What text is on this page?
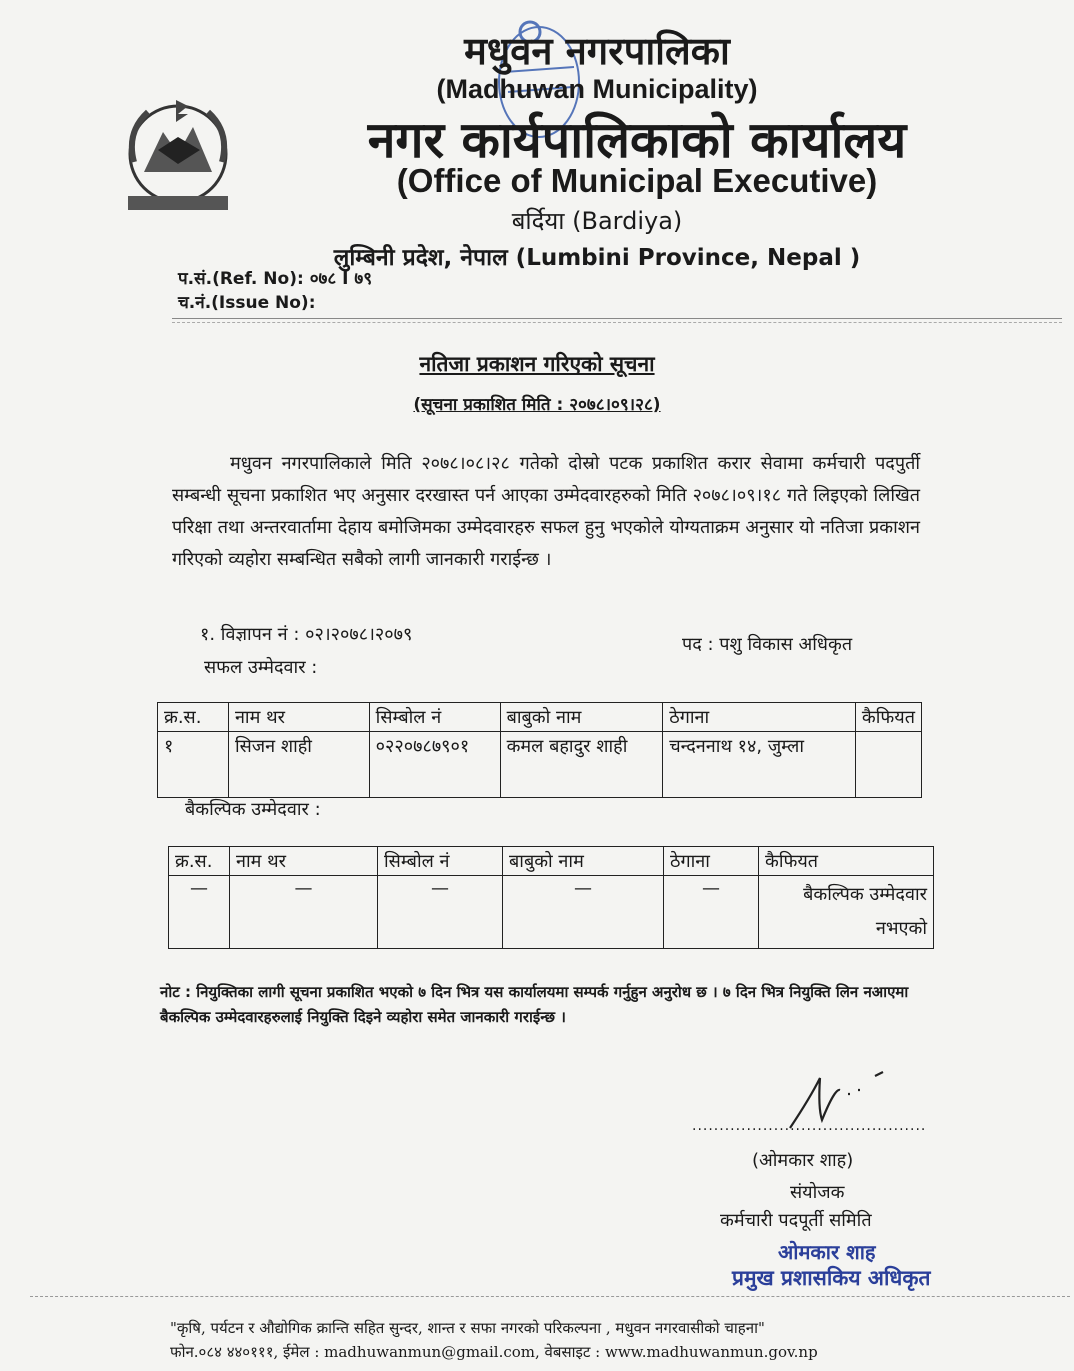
मधुवन नगरपालिका
(Madhuwan Municipality)
नगर कार्यपालिकाको कार्यालय
(Office of Municipal Executive)
बर्दिया (Bardiya)
लुम्बिनी प्रदेश, नेपाल (Lumbini Province, Nepal )
प.सं.(Ref. No): ०७८ I ७९
च.नं.(Issue No):
नतिजा प्रकाशन गरिएको सूचना
(सूचना प्रकाशित मिति : २०७८।०९।२८)
मधुवन नगरपालिकाले मिति २०७८।०८।२८ गतेको दोस्रो पटक प्रकाशित करार सेवामा कर्मचारी पदपुर्ती सम्बन्धी सूचना प्रकाशित भए अनुसार दरखास्त पर्न आएका उम्मेदवारहरुको मिति २०७८।०९।१८ गते लिइएको लिखित परिक्षा तथा अन्तरवार्तामा देहाय बमोजिमका उम्मेदवारहरु सफल हुनु भएकोले योग्यताक्रम अनुसार यो नतिजा प्रकाशन गरिएको व्यहोरा सम्बन्धित सबैको लागी जानकारी गराईन्छ ।
१. विज्ञापन नं : ०२।२०७८।२०७९	पद : पशु विकास अधिकृत
सफल उम्मेदवार :
क्र.स.	नाम थर	सिम्बोल नं	बाबुको नाम	ठेगाना	कैफियत
१	सिजन शाही	०२२०७८७९०१	कमल बहादुर शाही	चन्दननाथ १४, जुम्ला	
बैकल्पिक उम्मेदवार :
क्र.स.	नाम थर	सिम्बोल नं	बाबुको नाम	ठेगाना	कैफियत
—	—	—	—	—	बैकल्पिक उम्मेदवार नभएको
नोट : नियुक्तिका लागी सूचना प्रकाशित भएको ७ दिन भित्र यस कार्यालयमा सम्पर्क गर्नुहुन अनुरोध छ । ७ दिन भित्र नियुक्ति लिन नआएमा बैकल्पिक उम्मेदवारहरुलाई नियुक्ति दिइने व्यहोरा समेत जानकारी गराईन्छ ।
...........................................
(ओमकार शाह)
संयोजक
कर्मचारी पदपूर्ती समिति
ओमकार शाह
प्रमुख प्रशासकिय अधिकृत
"कृषि, पर्यटन र औद्योगिक क्रान्ति सहित सुन्दर, शान्त र सफा नगरको परिकल्पना , मधुवन नगरवासीको चाहना"
फोन.०८४ ४४०१११, ईमेल : madhuwanmun@gmail.com, वेबसाइट : www.madhuwanmun.gov.np
